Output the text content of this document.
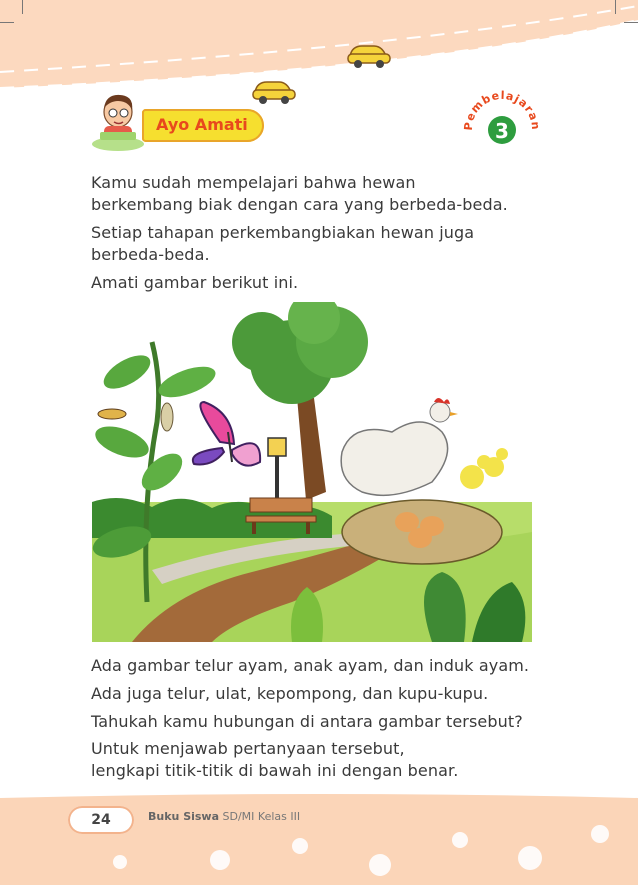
Ayo Amati	Pembelajaran
3

Kamu sudah mempelajari bahwa hewan

berkembang biak dengan cara yang berbeda-beda.

Setiap tahapan perkembangbiakan hewan juga

berbeda-beda.

Amati gambar berikut ini.

Ada gambar telur ayam, anak ayam, dan induk ayam.

Ada juga telur, ulat, kepompong, dan kupu-kupu.

Tahukah kamu hubungan di antara gambar tersebut?

Untuk menjawab pertanyaan tersebut,

lengkapi titik-titik di bawah ini dengan benar.

24	Buku Siswa SD/MI Kelas III
